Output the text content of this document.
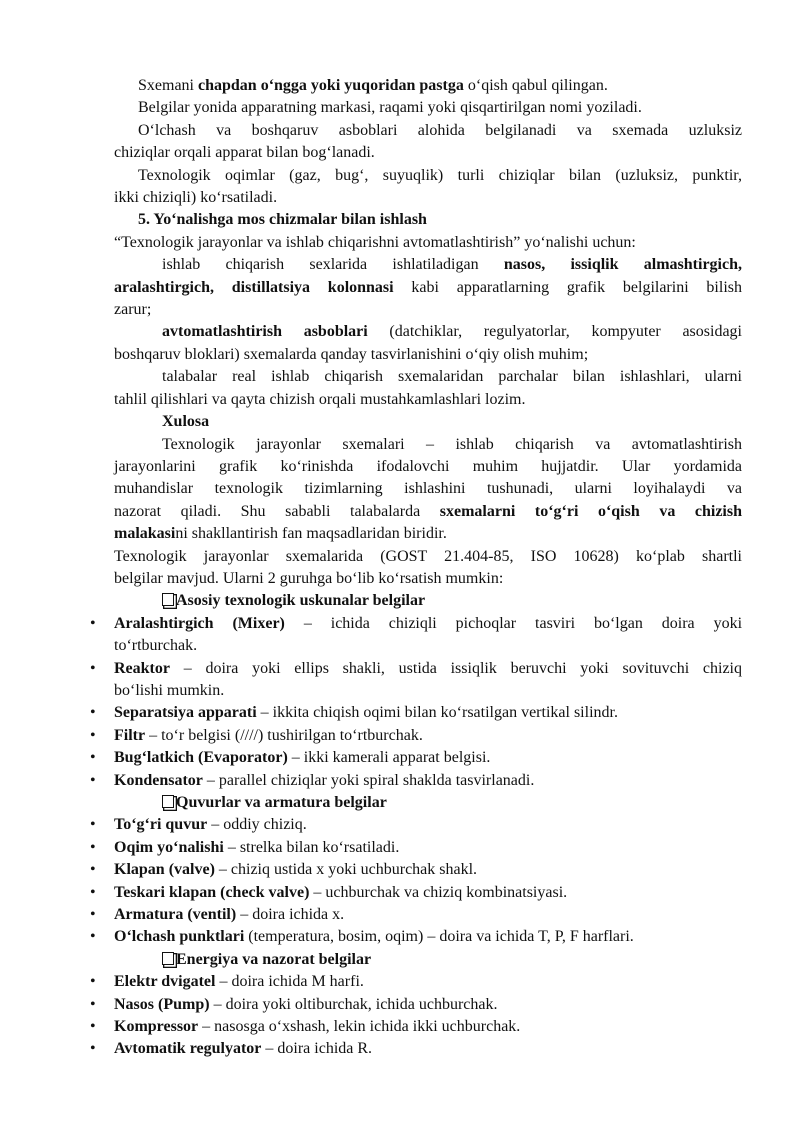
Sxemani chapdan o‘ngga yoki yuqoridan pastga o‘qish qabul qilingan.
Belgilar yonida apparatning markasi, raqami yoki qisqartirilgan nomi yoziladi.
O‘lchash va boshqaruv asboblari alohida belgilanadi va sxemada uzluksiz
chiziqlar orqali apparat bilan bog‘lanadi.
Texnologik oqimlar (gaz, bug‘, suyuqlik) turli chiziqlar bilan (uzluksiz, punktir,
ikki chiziqli) ko‘rsatiladi.
5. Yo‘nalishga mos chizmalar bilan ishlash
“Texnologik jarayonlar va ishlab chiqarishni avtomatlashtirish” yo‘nalishi uchun:
ishlab chiqarish sexlarida ishlatiladigan nasos, issiqlik almashtirgich,
aralashtirgich, distillatsiya kolonnasi kabi apparatlarning grafik belgilarini bilish
zarur;
avtomatlashtirish asboblari (datchiklar, regulyatorlar, kompyuter asosidagi
boshqaruv bloklari) sxemalarda qanday tasvirlanishini o‘qiy olish muhim;
talabalar real ishlab chiqarish sxemalaridan parchalar bilan ishlashlari, ularni
tahlil qilishlari va qayta chizish orqali mustahkamlashlari lozim.
Xulosa
Texnologik jarayonlar sxemalari – ishlab chiqarish va avtomatlashtirish
jarayonlarini grafik ko‘rinishda ifodalovchi muhim hujjatdir. Ular yordamida
muhandislar texnologik tizimlarning ishlashini tushunadi, ularni loyihalaydi va
nazorat qiladi. Shu sababli talabalarda sxemalarni to‘g‘ri o‘qish va chizish
malakasini shakllantirish fan maqsadlaridan biridir.
Texnologik jarayonlar sxemalarida (GOST 21.404-85, ISO 10628) ko‘plab shartli
belgilar mavjud. Ularni 2 guruhga bo‘lib ko‘rsatish mumkin:
Asosiy texnologik uskunalar belgilar
• Aralashtirgich (Mixer) – ichida chiziqli pichoqlar tasviri bo‘lgan doira yoki
to‘rtburchak.
• Reaktor – doira yoki ellips shakli, ustida issiqlik beruvchi yoki sovituvchi chiziq
bo‘lishi mumkin.
• Separatsiya apparati – ikkita chiqish oqimi bilan ko‘rsatilgan vertikal silindr.
• Filtr – to‘r belgisi (////) tushirilgan to‘rtburchak.
• Bug‘latkich (Evaporator) – ikki kamerali apparat belgisi.
• Kondensator – parallel chiziqlar yoki spiral shaklda tasvirlanadi.
Quvurlar va armatura belgilar
• To‘g‘ri quvur – oddiy chiziq.
• Oqim yo‘nalishi – strelka bilan ko‘rsatiladi.
• Klapan (valve) – chiziq ustida x yoki uchburchak shakl.
• Teskari klapan (check valve) – uchburchak va chiziq kombinatsiyasi.
• Armatura (ventil) – doira ichida x.
• O‘lchash punktlari (temperatura, bosim, oqim) – doira va ichida T, P, F harflari.
Energiya va nazorat belgilar
• Elektr dvigatel – doira ichida M harfi.
• Nasos (Pump) – doira yoki oltiburchak, ichida uchburchak.
• Kompressor – nasosga o‘xshash, lekin ichida ikki uchburchak.
• Avtomatik regulyator – doira ichida R.
